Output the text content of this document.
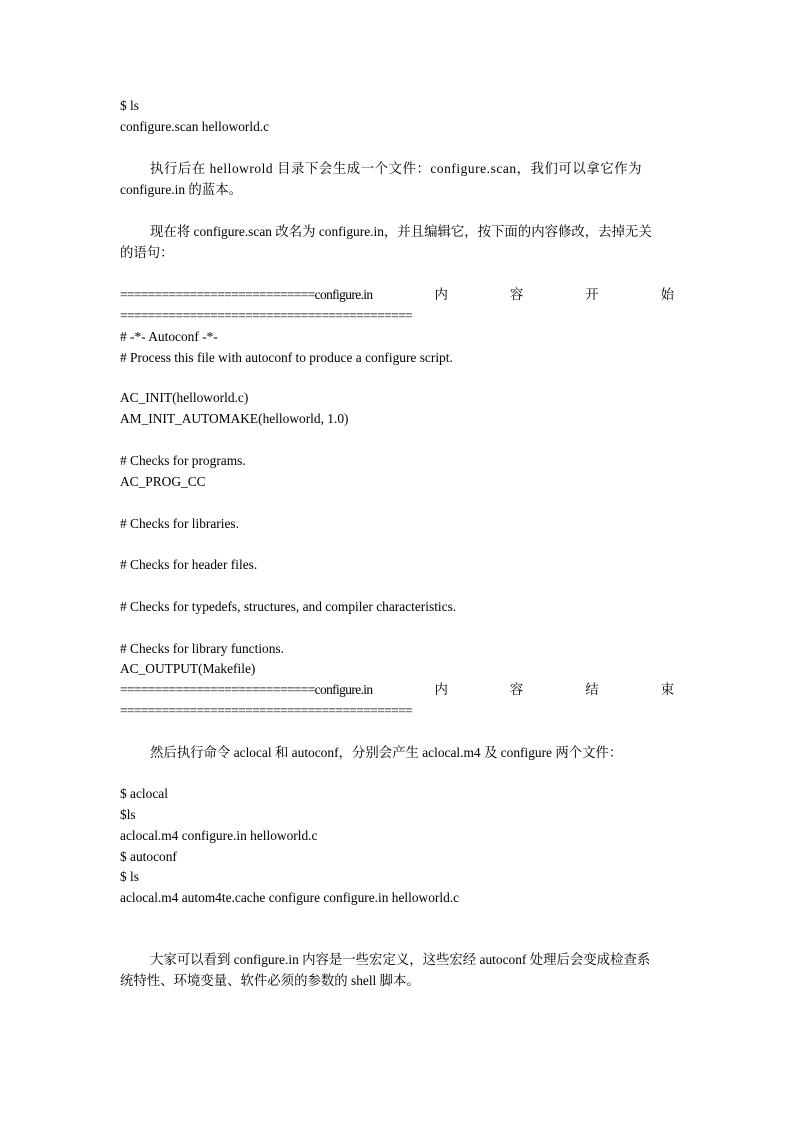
$ ls
configure.scan helloworld.c
执行后在 hellowrold 目录下会生成一个文件：configure.scan，我们可以拿它作为
configure.in 的蓝本。
现在将 configure.scan 改名为 configure.in，并且编辑它，按下面的内容修改，去掉无关
的语句：
============================configure.in	内	容	开	始
==========================================
# -*- Autoconf -*-
# Process this file with autoconf to produce a configure script.
AC_INIT(helloworld.c)
AM_INIT_AUTOMAKE(helloworld, 1.0)
# Checks for programs.
AC_PROG_CC
# Checks for libraries.
# Checks for header files.
# Checks for typedefs, structures, and compiler characteristics.
# Checks for library functions.
AC_OUTPUT(Makefile)
============================configure.in	内	容	结	束
==========================================
然后执行命令 aclocal 和 autoconf，分别会产生 aclocal.m4 及 configure 两个文件：
$ aclocal
$ls
aclocal.m4 configure.in helloworld.c
$ autoconf
$ ls
aclocal.m4 autom4te.cache configure configure.in helloworld.c
大家可以看到 configure.in 内容是一些宏定义，这些宏经 autoconf 处理后会变成检查系
统特性、环境变量、软件必须的参数的 shell 脚本。
